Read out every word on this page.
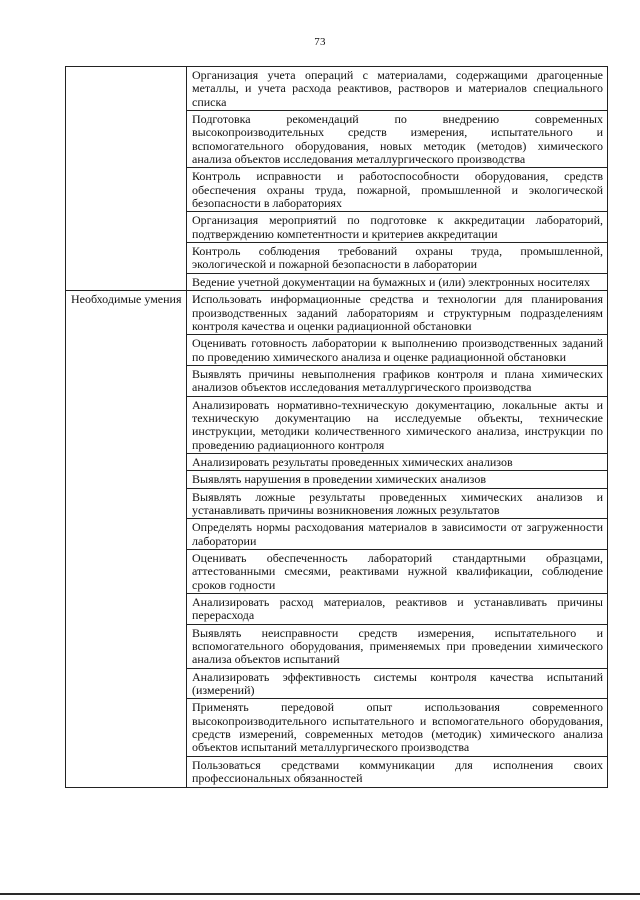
73
	Организация учета операций с материалами, содержащими драгоценные металлы, и учета расхода реактивов, растворов и материалов специального списка
	Подготовка рекомендаций по внедрению современных высокопроизводительных средств измерения, испытательного и вспомогательного оборудования, новых методик (методов) химического анализа объектов исследования металлургического производства
	Контроль исправности и работоспособности оборудования, средств обеспечения охраны труда, пожарной, промышленной и экологической безопасности в лабораториях
	Организация мероприятий по подготовке к аккредитации лабораторий, подтверждению компетентности и критериев аккредитации
	Контроль соблюдения требований охраны труда, промышленной, экологической и пожарной безопасности в лаборатории
	Ведение учетной документации на бумажных и (или) электронных носителях
Необходимые умения	Использовать информационные средства и технологии для планирования производственных заданий лабораториям и структурным подразделениям контроля качества и оценки радиационной обстановки
	Оценивать готовность лаборатории к выполнению производственных заданий по проведению химического анализа и оценке радиационной обстановки
	Выявлять причины невыполнения графиков контроля и плана химических анализов объектов исследования металлургического производства
	Анализировать нормативно-техническую документацию, локальные акты и техническую документацию на исследуемые объекты, технические инструкции, методики количественного химического анализа, инструкции по проведению радиационного контроля
	Анализировать результаты проведенных химических анализов
	Выявлять нарушения в проведении химических анализов
	Выявлять ложные результаты проведенных химических анализов и устанавливать причины возникновения ложных результатов
	Определять нормы расходования материалов в зависимости от загруженности лаборатории
	Оценивать обеспеченность лабораторий стандартными образцами, аттестованными смесями, реактивами нужной квалификации, соблюдение сроков годности
	Анализировать расход материалов, реактивов и устанавливать причины перерасхода
	Выявлять неисправности средств измерения, испытательного и вспомогательного оборудования, применяемых при проведении химического анализа объектов испытаний
	Анализировать эффективность системы контроля качества испытаний (измерений)
	Применять передовой опыт использования современного высокопроизводительного испытательного и вспомогательного оборудования, средств измерений, современных методов (методик) химического анализа объектов испытаний металлургического производства
	Пользоваться средствами коммуникации для исполнения своих профессиональных обязанностей
